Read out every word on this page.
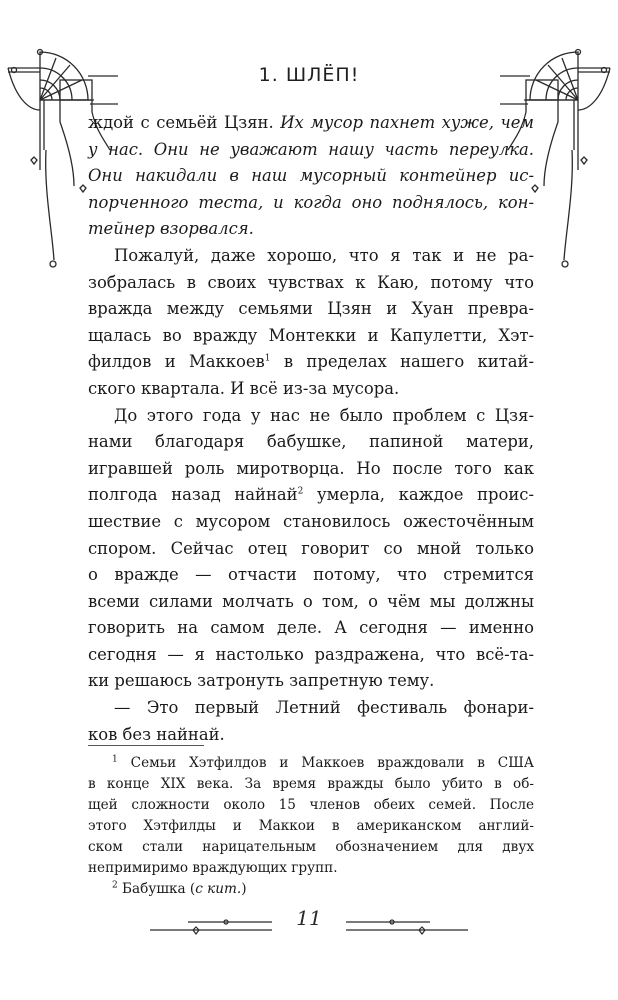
1. ШЛЁП!
ждой с семьёй Цзян. Их мусор пахнет хуже, чем
у нас. Они не уважают нашу часть переулка.
Они накидали в наш мусорный контейнер ис-
порченного теста, и когда оно поднялось, кон-
тейнер взорвался.
Пожалуй, даже хорошо, что я так и не ра-
зобралась в своих чувствах к Каю, потому что
вражда между семьями Цзян и Хуан превра-
щалась во вражду Монтекки и Капулетти, Хэт-
филдов и Маккоев$^1$ в пределах нашего китай-
ского квартала. И всё из-за мусора.
До этого года у нас не было проблем с Цзя-
нами благодаря бабушке, папиной матери,
игравшей роль миротворца. Но после того как
полгода назад найнай$^2$ умерла, каждое проис-
шествие с мусором становилось ожесточённым
спором. Сейчас отец говорит со мной только
о вражде — отчасти потому, что стремится
всеми силами молчать о том, о чём мы должны
говорить на самом деле. А сегодня — именно
сегодня — я настолько раздражена, что всё-та-
ки решаюсь затронуть запретную тему.
— Это первый Летний фестиваль фонари-
ков без найнай.
$^1$ Семьи Хэтфилдов и Маккоев враждовали в США
в конце XIX века. За время вражды было убито в об-
щей сложности около 15 членов обеих семей. После
этого Хэтфилды и Маккои в американском англий-
ском стали нарицательным обозначением для двух
непримиримо враждующих групп.
$^2$ Бабушка (с кит.)
11
